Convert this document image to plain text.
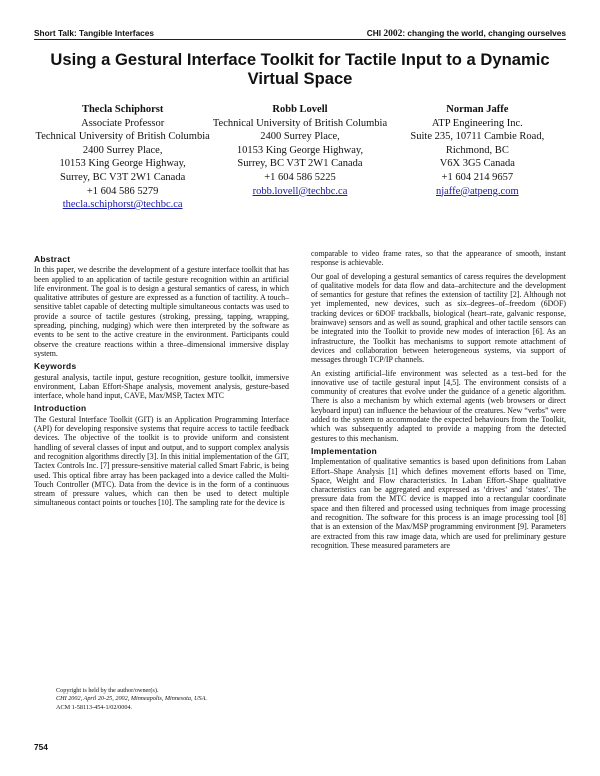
Short Talk: Tangible Interfaces	CHI 2002: changing the world, changing ourselves
Using a Gestural Interface Toolkit for Tactile Input to a Dynamic Virtual Space
Thecla Schiphorst
Associate Professor
Technical University of British Columbia
2400 Surrey Place,
10153 King George Highway,
Surrey, BC V3T 2W1 Canada
+1 604 586 5279
thecla.schiphorst@techbc.ca
Robb Lovell
Technical University of British Columbia
2400 Surrey Place,
10153 King George Highway,
Surrey, BC V3T 2W1 Canada
+1 604 586 5225
robb.lovell@techbc.ca
Norman Jaffe
ATP Engineering Inc.
Suite 235, 10711 Cambie Road,
Richmond, BC
V6X 3G5 Canada
+1 604 214 9657
njaffe@atpeng.com
Abstract

In this paper, we describe the development of a gesture interface toolkit that has been applied to an application of tactile gesture recognition within an artificial life environment. The goal is to design a gestural semantics of caress, in which qualitative attributes of gesture are expressed as a function of tactility. A touch–sensitive tablet capable of detecting multiple simultaneous contacts was used to provide a source of tactile gestures (stroking, pressing, tapping, wrapping, spreading, pinching, nudging) which were then interpreted by the software as events to be sent to the active creature in the environment. Participants could observe the creature reactions within a three–dimensional immersive display system.

Keywords

gestural analysis, tactile input, gesture recognition, gesture toolkit, immersive environment, Laban Effort-Shape analysis, movement analysis, gesture-based interface, whole hand input, CAVE, Max/MSP, Tactex MTC

Introduction

The Gestural Interface Toolkit (GIT) is an Application Programming Interface (API) for developing responsive systems that require access to tactile feedback devices. The objective of the toolkit is to provide uniform and consistent handling of several classes of input and output, and to support complex analysis and recognition algorithms directly [3]. In this initial implementation of the GIT, Tactex Controls Inc. [7] pressure-sensitive material called Smart Fabric, is being used. This optical fibre array has been packaged into a device called the Multi-Touch Controller (MTC). Data from the device is in the form of a continuous stream of pressure values, which can then be used to detect multiple simultaneous contact points or touches [10]. The sampling rate for the device is

comparable to video frame rates, so that the appearance of smooth, instant response is achievable.

Our goal of developing a gestural semantics of caress requires the development of qualitative models for data flow and data–architecture and the development of semantics for gesture that refines the extension of tactility [2]. Although not yet implemented, new devices, such as six–degrees–of–freedom (6DOF) tracking devices or 6DOF trackballs, biological (heart–rate, galvanic response, brainwave) sensors and as well as sound, graphical and other tactile sensors can be integrated into the Toolkit to provide new modes of interaction [6]. As an infrastructure, the Toolkit has mechanisms to support remote attachment of devices and collaboration between heterogeneous systems, via support of messages through TCP/IP channels.

An existing artificial–life environment was selected as a test–bed for the innovative use of tactile gestural input [4,5]. The environment consists of a community of creatures that evolve under the guidance of a genetic algorithm. There is also a mechanism by which external agents (web browsers or direct keyboard input) can influence the behaviour of the creatures. New “verbs” were added to the system to accommodate the expected behaviours from the Toolkit, which was subsequently adapted to provide a mapping from the detected gestures to this mechanism.

Implementation

Implementation of qualitative semantics is based upon definitions from Laban Effort–Shape Analysis [1] which defines movement efforts based on Time, Space, Weight and Flow characteristics. In Laban Effort–Shape qualitative characteristics can be aggregated and expressed as ‘drives’ and ‘states’. The pressure data from the MTC device is mapped into a rectangular coordinate space and then filtered and processed using techniques from image processing and recognition. The software for this process is an image processing tool [8] that is an extension of the Max/MSP programming environment [9]. Parameters are extracted from this raw image data, which are used for preliminary gesture recognition. These measured parameters are

Copyright is held by the author/owner(s).
CHI 2002, April 20-25, 2002, Minneapolis, Minnesota, USA.
ACM 1-58113-454-1/02/0004.
754
